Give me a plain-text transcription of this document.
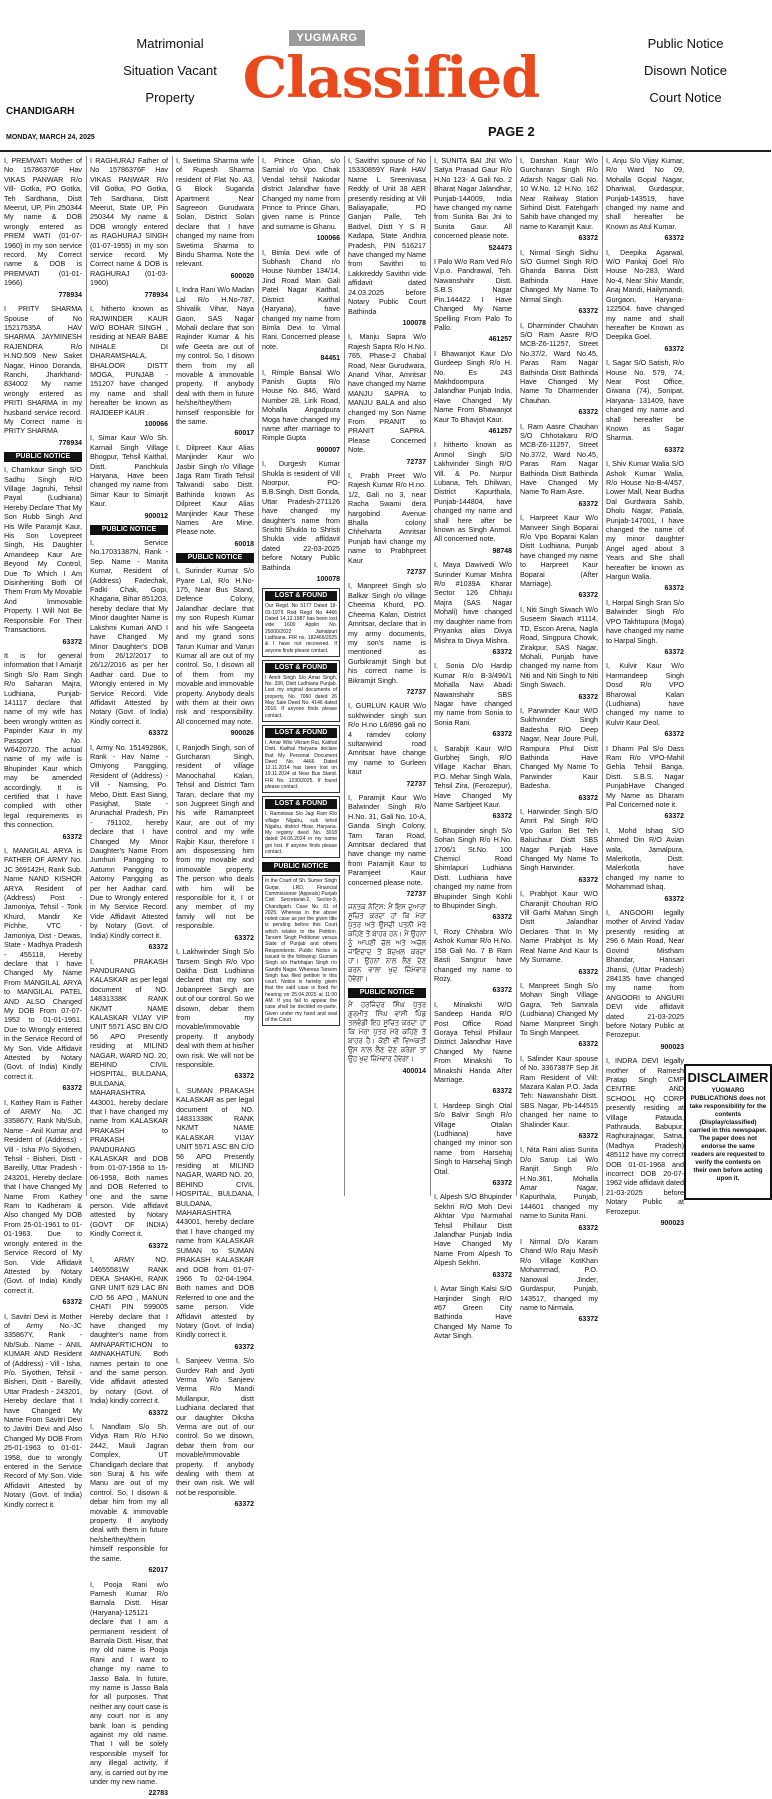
CHANDIGARH
MONDAY, MARCH 24, 2025
Matrimonial
Situation Vacant
Property
YUGMARG
Classified
PAGE 2
Public Notice
Disown Notice
Court Notice

I, PREMVATI Mother of No 15786376F Hav VIKAS PANWAR R/o Vill- Gotka, PO Gotka, Teh Sardhana, Distt Meerut, UP, Pin 250344 My name & DOB wrongly entered as PREM WATI (01-07-1960) in my son service record. My Correct name & DOB is PREMVATI (01-01-1966)

778934

I PRITY SHARMA Spouse of No 15217535A HAV SHARMA JAYMINESH RAJENDRA R/o H.NO.509 New Saket Nagar, Hinoo Doranda, Ranchi, Jharkhand-834002 My name wrongly entered as PRITI SHARMA in my husband service record. My Correct name is PRITY SHARMA

778934
PUBLIC NOTICE

I, Chamkaur Singh S/O Sadhu Singh R/O Village Jagruhi, Tehsil Payal (Ludhiana) Hereby Declare That My Son Rubb Singh And His Wife Paramjit Kaur, His Son Lovepreet Singh, His Daughter Amandeep Kaur Are Beyond My Control, Due To Which I Am Disinheriting Both Of Them From My Movable And Immovable Property. I Will Not Be Responsible For Their Transactions.

63372

It is for general information that I Amarjit Singh S/o Ram Singh R/o Saharan Majra, Ludhiana, Punjab-141117 declare that name of my wife has been wrongly written as Papinder Kaur in my Passport No. W6420720. The actual name of my wife is Bhupinder Kaur which may be amended accordingly. It is certified that I have complied with other legal requirements in this connection.

63372

I, MANGILAL ARYA is FATHER OF ARMY No. JC 369142H, Rank Sub. Name NAND KISHOR ARYA Resident of (Address) Post - Jamoniya, Tehsil - Tonk Khurd, Mandir Ke Pichhe, VTC - Jamoniya, Dist - Dewas, State - Madhya Pradesh - 455118, Hereby declare that I have Changed My Name From MANGILAL ARYA to MANGILAL PATEL AND ALSO Changed My DOB From 07-07-1952 to 01-01-1951. Due to Wrongly entered in the Service Record of My Son. Vide Affidavit Attested by Notary (Govt. of India) Kindly correct it.

63372

I, Kathey Ram is Father of ARMY No. JC 335867Y, Rank Nb/Sub, Name - Anil Kumar and Resident of (Address) - Vill - Isha P/o Siyothen, Tehsil - Bisheri, Distt - Bareilly, Uttar Pradesh - 243201, Hereby declare that I have Changed My Name From Kathey Ram to Kadheram & Also changed My DOB From 25-01-1961 to 01-01-1963. Due to wrongly entered in the Service Record of My Son. Vide Affidavit Attested by Notary (Govt. of India) Kindly correct it.

63372

I, Savitri Devi is Mother of Army No.-JC 335867Y, Rank - Nb/Sub. Name - ANIL KUMAR AND Resident of (Address) - Vill - Isha, P/o. Siyothen, Tehsil - Bisheri, Distt - Bareilly, Uttar Pradesh - 243201, Hereby declare that I have Changed My Name From Savitri Devi to Javitri Devi and Also Changed My DOB From 25-01-1963 to 01-01-1958, due to wrongly entered in the Service Record of My Son. Vide Affidavit Attested by Notary (Govt. of India) Kindly correct it.

I RAGHURAJ Father of No 15786376F Hav VIKAS PANWAR R/o Vill Gotka, PO Gotka, Teh Sardhana, Distt Meerut, State UP, Pin 250344 My name & DOB wrongly entered as RAGHURAJ SINGH (01-07-1955) in my son service record. My Correct name & DOB is RAGHURAJ (01-03-1960)

778934

I, hitherto known as RAJWINDER KAUR W/O BOHAR SINGH , residing at NEAR BABE NIHALE DI DHARAMSHALA, BHALOOR DISTT MOGA, PUNJAB - 151207 have changed my name and shall hereafter be known as RAJDEEP KAUR .

100066

I, Simar Kaur W/o Sh. Karnail Singh Village Bhogpur, Tehsil Kaithal, Distt. Panchkula Haryana, Have been changed my name from Simar Kaur to Simarjit Kaur.

900012
PUBLIC NOTICE

I, Service No.17031387N, Rank - Sep. Name - Manita Kumar, Resident of (Address) Fadechak, Fadki Chak, Gopi, Khagaria, Bihar 851203, hereby declare that My Minor daughter Name is Lakshmi Kumari AND I have Changed My Minor Daughter's DOB from 26/12/2017 to 26/12/2016 as per her Aadhar card. Due to Wrongly entered in My Service Record. Vide Affidavit Attested by Notary (Govt. of India) Kindly correct it.

63372

I, Army No. 15149286K, Rank - Hav Name - Omiyong Panggiing, Resident of (Address) - Vill - Namsing, Po. Mebo, Distt. East Siang, Pasighat, State - Arunachal Pradesh, Pin - 791102, hereby declare that I have Changed My Minor Daughter's Name From Jumhuri Pangging to Aatumn Pangging to Aatomy Pangging as per her Aadhar card. Due to Wrongly entered in My Service Record. Vide Affidavit Attested by Notary (Govt. of India) Kindly correct it.

63372

I, PRAKASH PANDURANG KALASKAR as per legal document of NO. 14831338K RANK NK/MT NAME KALASKAR VIJAY VIP UNIT 5571 ASC BN C/O 56 APO Presently residing at MILIND NAGAR, WARD NO. 20, BEHIND CIVIL HOSPITAL, BULDANA, BULDANA, MAHARASHTRA 443001, hereby declare that I have changed my name from KALASKAR PRAKASH to PRAKASH PANDURANG KALASKAR and DOB from 01-07-1958 to 15-06-1958, Both names and DOB Referred to one and the same person. Vide affidavit attested by Notary (GOVT OF INDIA) Kindly Correct it.

63372

I, ARMY NO. 14655581W RANK DEKA SHAKHI, RANK GNR UNIT 629 LAC BN C/O 56 APO , MANUN CHATI PIN 599005 Hereby declare that I have changed my daughter's name from AMNAPARTICHON to AMNAKHATUN. Both names pertain to one and the same person. Vide affidavit attested by notary (Govt. of India) kindly correct it.

63372

I, Nandlam S/o Sh. Vidya Ram R/o H.No 2442, Mauli Jagran Complex, UT Chandigarh declare that son Suraj & his wife Manu are out of my control. So, I disown & debar him from my all movable & immovable property. If anybody deal with them in future he/she/they/them himself responsible for the same.

62017

I, Pooja Rani w/o Pamesh Kumar R/o Barnala Distt. Hisar (Haryana)-125121 declare that I am a permanent resident of Barnala Distt. Hisar, that my old name is Pooja Rani and I want to change my name to Jasso Bala. In future, my name is Jasso Bala for all purposes. That neither any court case is any court nor is any bank loan is pending against my old name. That I will be solely responsible myself for any illegal activity, if any, is carried out by me under my new name.

22783

I, Swetima Sharma wife of Rupesh Sharma resident of Flat No. A3, G Block Suganda Apartment Near Sagreeon Gurudwara Solan, District Solan declare that I have changed my name from Swetima Sharma to Bindu Sharma. Note the relevant.

600020

I, Indra Rani W/o Madan Lal R/o H.No-787, Shivalik Vihar, Naya Gaon, SAS Nagar Mohali declare that son Rajinder Kumar & his wife Geeta are out of my control. So, I disown them from my all movable & immovable property. If anybody deal with them in future he/she/they/them himself responsible for the same.

60017

I, Dilpreet Kaur Alias Manjinder Kaur w/o Jasbir Singh r/o Village Jaga Ram Tirath Tehsil Talwandi sabo Distt. Bathinda known As Dilpreet Kaur Alias Manjinder Kaur These Names Are Mine. Please note.

60018
PUBLIC NOTICE

I, Surinder Kumar S/o Pyare Lal, R/o H.No-175, Near Bus Stand, Defence Colony, Jalandhar declare that my son Rupesh Kumar and his wife Sangeeta and my grand sons Tarun Kumar and Varun Kumar all are out of my control. So, I disown all of them from my movable and immovable property. Anybody deals with them at their own risk and responsibility. All concerned may note.

900026

I, Ranjodh Singh, son of Gurcharan Singh, resident of village Manochahal Kalan, Tehsil and District Tarn Taran, declare that my son Jugpreet Singh and his wife Ramanpreet Kaur, are out of my control and my wife Rajbir Kaur, therefore I am disposessing him from my movable and immovable property. The person who deals with him will be responsible for it, I or any member of my family will not be responsible.

63372

I, Lakhwinder Singh S/o Tarsem Singh R/o Vpo Dakha Distt Ludhiana declared that my son Jobanpreet Singh are out of our control. So we disown, debar them from my movable/immovable property. If anybody deal with them at his/her own risk. We will not be responsible.

63372

I, SUMAN PRAKASH KALASKAR as per legal document of NO. 14831338K RANK NK/MT NAME KALASKAR VIJAY UNIT 5571 ASC BN C/O 56 APO Presently residing at MILIND NAGAR, WARD NO. 20, BEHIND CIVIL HOSPITAL, BULDANA, BULDANA, MAHARASHTRA 443001, hereby declare that I have changed my name from KALASKAR SUMAN to SUMAN PRAKASH KALASKAR and DOB from 01-07-1966 To 02-04-1964. Both names and DOB Referred to one and the same person. Vide Affidavit attested by Notary (Govt. of India) Kindly correct it.

63372

I, Sanjeev Verma S/o Gurdev Rah and Jyoti Verma W/o Sanjeev Verma R/o Mandi Mullanpur, distt Ludhiana declared that our daughter Diksha Verma are out of our control. So we disown, debar them from our movable/immovable property. If anybody dealing with them at their own risk. We will not be responsible.

63372

I, Prince Ghan, s/o Samial r/o Vpo. Chak Vendal tehsil Nakodar district Jalandhar have Changed my name from Prince to Prince Ghan, given name is Prince and surname is Ghanu.

100066

I, Bimla Devi wife of Subhash Chand r/o House Number 134/14, Jind Road Main Gali Patel Nagar Kaithal, District Kaithal (Haryana), have changed my name from Bimla Devi to Vimal Rani. Concerned please note.

84451

I, Rimple Bansal W/o Panish Gupta R/o House No. 846, Ward Number 28, Lirik Road, Mohalla Angadpura Moga have changed my name after marriage to Rimple Gupta

900007

I, Durgesh Kumar Shukla is resident of Vill Noorpur, PO- B.B.Singh, Distt Gonda, Uttar Pradesh-271126 have changed my daughter's name from Srishti Shukla to Shristi Shukla vide affidavit dated 22-03-2025 before Notary Public Bathinda

100078
LOST & FOUND
Our Regd. No 5177 Dated 19-03-1979 Rod Regd No 4466 Dated 14.12.1987 has been lost vide 1600 Applin No. 25000/2022 Jamalpuri Ludhiana. FIR no. 182466/2025 & I have not recovered. If anyone finds please contact.
LOST & FOUND
I Amrit Singh S/o Amar Singh, No. 336, Distt Ludhiana Punjab. Lost my original documents of property, No. 7060 dated 26 May Sale Deed No. 4146 dated 2016. If anyone finds please contact.
LOST & FOUND
I, Amar Wilo Vikram Rai, Kaithal Distt. Kaithal Haryana declare that My Personal Document Deed No. 4466 Dated 12.11.2014 has been lost on 19.11.2024 at Near Bus Stand. FIR No. 1230/2025. If found please contact.
LOST & FOUND
I, Ramniwas S/o Jagi Ram R/o village Nigahu, sub tehsil Nigahu, district Hisar, Haryana. My registry deed No. 3018 dated 24.06.2024 in my name got lost. If anyone finds please contact.
PUBLIC NOTICE
In the Court of Sh. Sumer Singh Gurjar, LRD, Financial Commissioner (Appeals) Punjab Civil Secretariat-2, Sector-9, Chandigarh. Case No. 61 of 2025. Whereas in the above noted case as per the given title is pending before this Court which relates to the Petition. Tarsem Singh Petitioner versus State of Punjab and others Respondents. Public Notice is issued to the following: Gurnam Singh s/o Harbhajan Singh r/o Gandhi Nagar. Whereas Tarsem Singh has filed petition in this court. Notice is hereby given that the said case is fixed for hearing on 25.04.2025 at 11:00 AM. If you fail to appear the case shall be decided ex-parte. Given under my hand and seal of the Court.

I, Savithri spouse of No 15330859Y Rank HAV Name L Sreenivasa Reddy of Unit 38 AER presently residing at Vill Baliayapalle, PO Ganjan Palle, Teh Badvel, Distt Y S R Kadapa, State Andhra Pradesh, PIN 516217 have changed my Name from Savithri to Lakkireddy Savithri vide affidavit dated 24.03.2025 before Notary Public Court Bathinda

100078

I, Manju Sapra W/o Rajesh Sapra R/o H.No. 765, Phase-2 Chabal Road, Near Gurudwara, Anand Vihar, Amritsar have changed my Name MANJU SAPRA to MANJU BALA and also changed my Son Name From PRANIT to PRANIT SAPRA. Please Concerned Note.

72737

I, Prabh Preet W/o Rajesh Kumar R/o H.no. 1/2, Gali no 3, near Racha Swami dera hargobind Avenue Bhalla colony Chheharta Amritsar Punjab havi change my name to Prabhpreet Kaur

72737

I, Manpreet Singh s/o Balkar Singh r/o village Cheema Khurd, PO. Cheema Kalan, District Amritsar, declare that in my army documents, my son's name is mentioned as Gurbikramjit Singh but his correct name is Bikramjit Singh.

72737

I, GURLUN KAUR W/o sukhwinder singh sun R/o H.no L6/896 gali no 4 ramdev colony sultanwind road Amritsar have change my name to Gurleen kaur

72737

I, Paramjit Kaur W/o Balwinder Singh R/o H.No. 31, Gali No. 10-A, Ganda Singh Colony, Tarn Taran Road, Amritsar declared that have change my name from Paramjit Kaur to Paramjeet Kaur concerned please note.

72737

ਜਨਤਕ ਨੋਟਿਸ: ਮੈਂ ਇਸ ਦੁਆਰਾ ਸੂਚਿਤ ਕਰਦਾ ਹਾਂ ਕਿ ਮੇਰਾ ਪੁੱਤਰ ਅਤੇ ਉਸਦੀ ਪਤਨੀ ਮੇਰੇ ਕਹਿਣੇ ਤੋਂ ਬਾਹਰ ਹਨ। ਮੈਂ ਉਹਨਾਂ ਨੂੰ ਆਪਣੀ ਚੱਲ ਅਤੇ ਅਚੱਲ ਜਾਇਦਾਦ ਤੋਂ ਬੇਦਖਲ ਕਰਦਾ ਹਾਂ। ਉਹਨਾਂ ਨਾਲ ਲੈਣ ਦੇਣ ਕਰਨ ਵਾਲਾ ਖੁਦ ਜ਼ਿੰਮੇਵਾਰ ਹੋਵੇਗਾ।

PUBLIC NOTICE

ਮੈਂ ਹਰਜਿੰਦਰ ਸਿੰਘ ਪੁੱਤਰ ਗੁਰਮੀਤ ਸਿੰਘ ਵਾਸੀ ਪਿੰਡ ਤਲਵੰਡੀ ਇਹ ਸੂਚਿਤ ਕਰਦਾ ਹਾਂ ਕਿ ਮੇਰਾ ਪੁੱਤਰ ਮੇਰੇ ਕਹਿਣੇ ਤੋਂ ਬਾਹਰ ਹੈ। ਕੋਈ ਵੀ ਵਿਅਕਤੀ ਉਸ ਨਾਲ ਲੈਣ ਦੇਣ ਕਰੇਗਾ ਤਾਂ ਉਹ ਖੁਦ ਜ਼ਿੰਮੇਵਾਰ ਹੋਵੇਗਾ।

400014

I, SUNITA BAI JNI W/o Satya Prasad Gaur R/o H.No 123- A Gali No. 2 Bharat Nagar Jalandhar, Punjab-144009, India have changed my name from Sunita Bai Jni to Sunita Gaur. All concerned please note.

524473

I Palo W/o Ram Ved R/o V.p.o. Pandrawal, Teh. Nawanshahr Distt. S.B.S Nagar Pin.144422 I Have Changed My Name Spelling From Palo To Pallo.

461257

I Bhawanjot Kaur D/o Gurdeep Singh R/o H. No. Es 243 Makhdoompura Jalandhar Punjab India, Have Changed My Name From Bhawanjot Kaur To Bhavjot Kaur.

461257

I hitherto known as Anmol Singh S/O Lakhvinder Singh R/O Vill. & Po. Nurpur Lubana, Teh. Dhilwan, District Kapurthala, Punjab-144804, have changed my name and shall here after be known as Singh Anmol. All concerned note.

98748

I, Maya Dawivedi W/o Surinder Kumar Mishra R/o #1039A Kharar Sector 126 Chhaju Majra (SAS Nagar Mohali) have changed my daughter name from Priyanka alias Divya Mishra to Divya Mishra.

63372

I, Sonia D/o Hardip Kumar R/o B-3/496/1 Mohalla Navi Abadi Nawanshahr SBS Nagar have changed my name from Sonia to Sonia Rani.

63372

I, Sarabjit Kaur W/O Gurbhej Singh, R/O Village Kachar Bhan, P.O. Mehar Singh Wala, Tehsil Zira, (Ferozepur), Have Changed My Name Sarbjeet Kaur.

63372

I, Bhupinder singh S/o Sohan Singh R/o H.No. 1706/1 St.No. 100 Chemicl Road Shimlapuri Ludhiana Distt. Ludhiana have changed my name from Bhupinder Singh Kohli to Bhupinder Singh.

63372

I, Rozy Chhabra W/o Ashok Kumar R/o H.No. 158 Gali No. 7 B Ram Basti Sangrur have changed my name to Rozy.

63372

I, Minakshi W/O Sandeep Handa R/O Post Office Road Goraya Tehsil Phillaur District Jalandhar Have Changed My Name From Minakshi To Minakshi Handa After Marriage.

63372

I, Hardeep Singh Otal S/o Balvir Singh R/o Village Otalan (Ludhiana) have changed my minor son name from Harsehaj Singh to Harsehaj Singh Otal.

63372

I, Alpesh S/O Bhupinder Sekhri R/O Moh Devi Akhtar Vpo Nurmahal Tehsil Phillaur Distt Jalandhar Punjab India Have Changed My Name From Alpesh To Alpesh Sekhri.

63372

I, Avtar Singh Kalsi S/O Harjinder Singh R/O #67 Green City Bathinda Have Changed My Name To Avtar Singh.

I, Darshan Kaur W/o Gurcharan Singh R/o Adarsh Nagar Gali No. 10 W.No. 12 H.No. 162 Near Railway Station Sirhind Distt. Fatehgarh Sahib have changed my name to Karamjit Kaur.

63372

I, Nirmal Singh Sidhu S/O Gurmel Singh R/O Ghanda Banna Distt Bathinda Have Changed My Name To Nirmal Singh.

63372

I, Dharminder Chauhan S/O Ram Aasre R/O MCB-Z6-11257, Street No.37/2, Ward No.45, Paras Ram Nagar Bathinda Distt Bathinda Have Changed My Name To Dharmender Chauhan.

63372

I, Ram Aasre Chauhan S/O Chhotakaru R/O MCB-Z6-11257, Street No.37/2, Ward No.45, Paras Ram Nagar Bathinda Distt Bathinda Have Changed My Name To Ram Asre.

63372

I, Harpreet Kaur W/o Manveer Singh Boparai R/o Vpo Boparai Kalan Distt Ludhiana, Punjab have changed my name to Harpreet Kaur Boparai (After Marriage).

63372

I, Niti Singh Siwach W/o Suseem Siwach #1114, TD, Escon Arena, Nagla Road, Singpura Chowk, Zirakpur, SAS Nagar, Mohali, Punjab have changed my name from Niti and Niti Singh to Niti Singh Siwach.

63372

I, Parwinder Kaur W/O Sukhvinder Singh Badesha R/O Deep Nagar, Near Joure Pull, Rampura Phul Distt Bathinda Have Changed My Name To Parwinder Kaur Badesha.

63372

I, Harwinder Singh S/O Amrit Pal Singh R/O Vpo Garlon Bet Teh Baluchaur Distt SBS Nagar Punjab Have Changed My Name To Singh Harwinder.

63372

I, Prabhjot Kaur W/O Charanjit Chouhan R/O Vill Garhi Mahan Singh Distt Jalandhar Declares That In My Name Prabhjot Is My Real Name And Kaur Is My Surname.

63372

I, Manpreet Singh S/o Mohan Singh Village Gagra, Teh Samrala (Ludhiana) Changed My Name Manpreet Singh To Singh Manpeet.

63372

I, Salinder Kaur spouse of No. 3367387F Sep Jit Ram Resident of Vill: Mazara Kalan P.O. Jada Teh: Nawanshahr Distt. SBS Nagar, Pb-144515 changed her name to Shalinder Kaur.

63372

I, Nita Rani alias Sunita D/o Sarup Lal W/o Ranjit Singh R/o H.No.361, Mohalla Amar Nagar, Kapurthala, Punjab, 144601 changed my name to Sunita Rani.

63372

I Nirmal D/o Karam Chand W/o Raju Masih R/o Village KotKhan Mohammad, P.O. Nanowal Jinder, Gurdaspur, Punjab, 143517, changed my name to Nirmala.

63372

I, Anju S/o Vijay Kumar, R/o Ward No 09, Mohalla Gopal Nagar, Dhariwal, Gurdaspur, Punjab-143519, have changed my name and shall hereafter be Known as Atul Kumar.

63372

I, Deepika Agarwal, W/O Pankaj Goel R/o House No-283, Ward No-4, Near Shiv Mandir, Anaj Mandi, Hailymandi, Gurgaon, Haryana- 122504. have changed my name and shall hereafter be Known as Deepika Goel.

63372

I, Sagar S/O Satish, R/o House No. 579, 74, Near Post Office, Giwana (74), Sonipat, Haryana- 131409, have changed my name and shall hereafter be Known as Sagar Sharma.

63372

I, Shiv Kumar Walia S/O Ashok Kumar Walia, R/o House No-B-4/457, Lower Mall, Near Budha Dal Gurdwara Sahib, Dholu Nagar, Patiala, Punjab-147001, I have changed the name of my minor daughter Angel aged about 3 Years and She shall hereafter be known as Hargun Walia.

63372

I, Harpal Singh Sran S/o Balwinder Singh R/o VPO Takhtupura (Moga) have changed my name to Harpal Singh.

63372

I, Kulvir Kaur W/o Harmandeep Singh Dosd R/o VPO Bharowal Kalan (Ludhiana) have changed my name to Kulvir Kaur Deol.

63372

I Dharm Pal S/o Dass Ram R/o VPO-Mahil Gehla Tehsil Banga, Distt. S.B.S. Nagar PunjabHave Changed My Name as Dharam Pal Concerned note it.

63372

I, Mohd Ishaq S/O Ahmed Din R/O Avian wala, Jamalpura, Malerkotla, Distt. Malerkotla have changed my name to Mohammad Ishaq.

63372

I, ANGOORI legally mother of Arvind Yadav presently residing at 296 6 Main Road, Near Govind Mistham Bhandar, Hansari Jhansi, (Uttar Pradesh) 284135 have changed my name from ANGOORI to ANGURI DEVI vide affidavit dated 21-03-2025 before Notary Public at Ferozepur.

900023

I, INDRA DEVI legally mother of Ramesh Pratap Singh CMP CENTRE AND SCHOOL HQ CORP presently residing at Village Patauda, Pathrauda, Babupur, Raghurajnagar, Satna, (Madhya Pradesh) 485112 have my correct DOB 01-01-1968 and incorrect DOB 20-07-1962 vide affidavit dated 21-03-2025 before Notary Public at Ferozepur.

900023
DISCLAIMER
YUGMARG PUBLICATIONS does not take responsibility for the contents (Display/classified) carried in this newspaper. The paper does not endorse the same readers are requested to verify the contents on their own before acting upon it.
